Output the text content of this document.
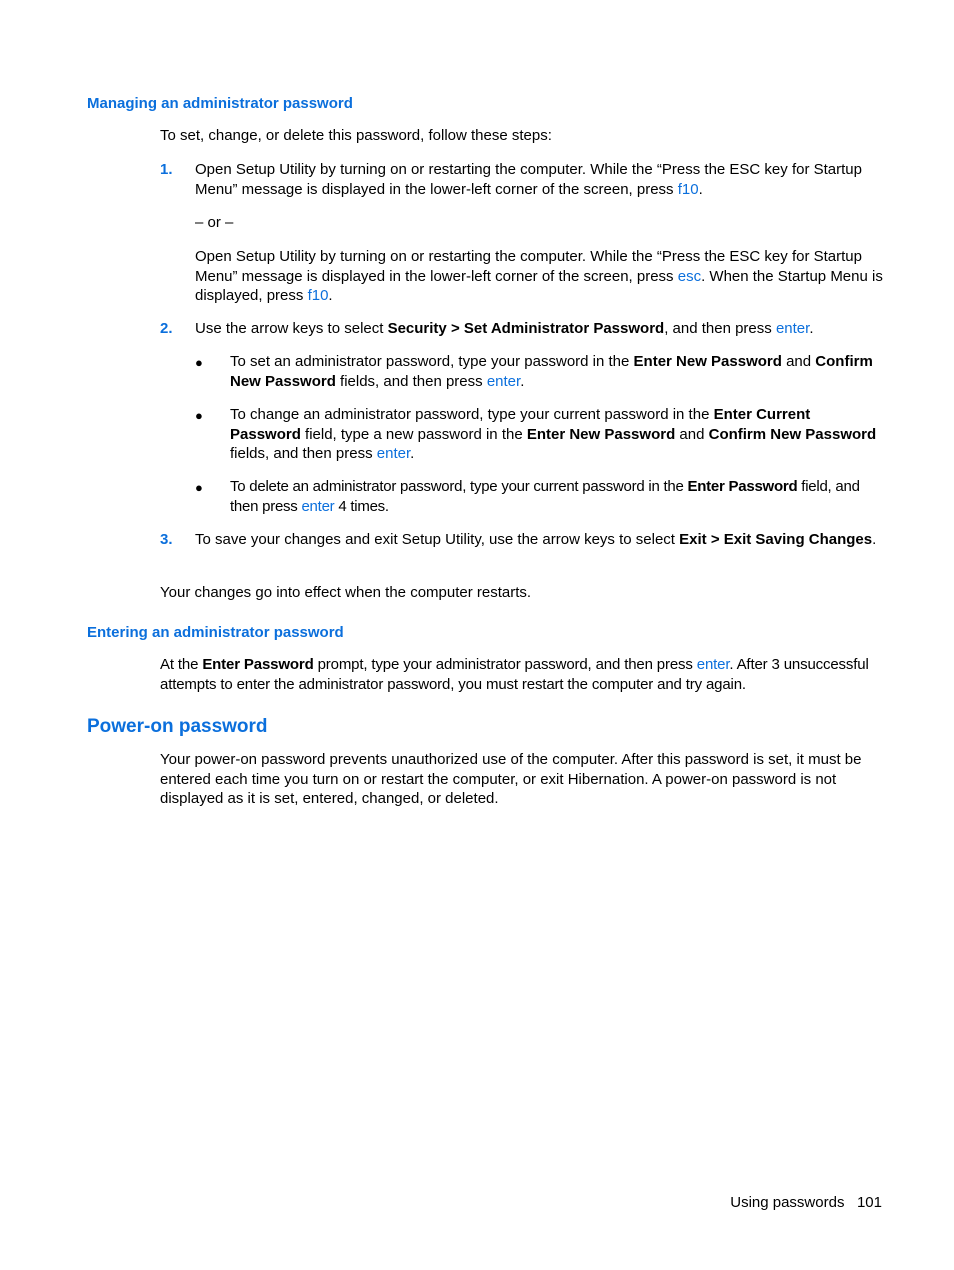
Managing an administrator password
To set, change, or delete this password, follow these steps:
1.	Open Setup Utility by turning on or restarting the computer. While the “Press the ESC key for Startup Menu” message is displayed in the lower-left corner of the screen, press f10.
– or –
Open Setup Utility by turning on or restarting the computer. While the “Press the ESC key for Startup Menu” message is displayed in the lower-left corner of the screen, press esc. When the Startup Menu is displayed, press f10.
2.	Use the arrow keys to select Security > Set Administrator Password, and then press enter.
●	To set an administrator password, type your password in the Enter New Password and Confirm New Password fields, and then press enter.
●	To change an administrator password, type your current password in the Enter Current Password field, type a new password in the Enter New Password and Confirm New Password fields, and then press enter.
●	To delete an administrator password, type your current password in the Enter Password field, and then press enter 4 times.
3.	To save your changes and exit Setup Utility, use the arrow keys to select Exit > Exit Saving Changes.
Your changes go into effect when the computer restarts.
Entering an administrator password
At the Enter Password prompt, type your administrator password, and then press enter. After 3 unsuccessful attempts to enter the administrator password, you must restart the computer and try again.
Power-on password
Your power-on password prevents unauthorized use of the computer. After this password is set, it must be entered each time you turn on or restart the computer, or exit Hibernation. A power-on password is not displayed as it is set, entered, changed, or deleted.
Using passwords 101
